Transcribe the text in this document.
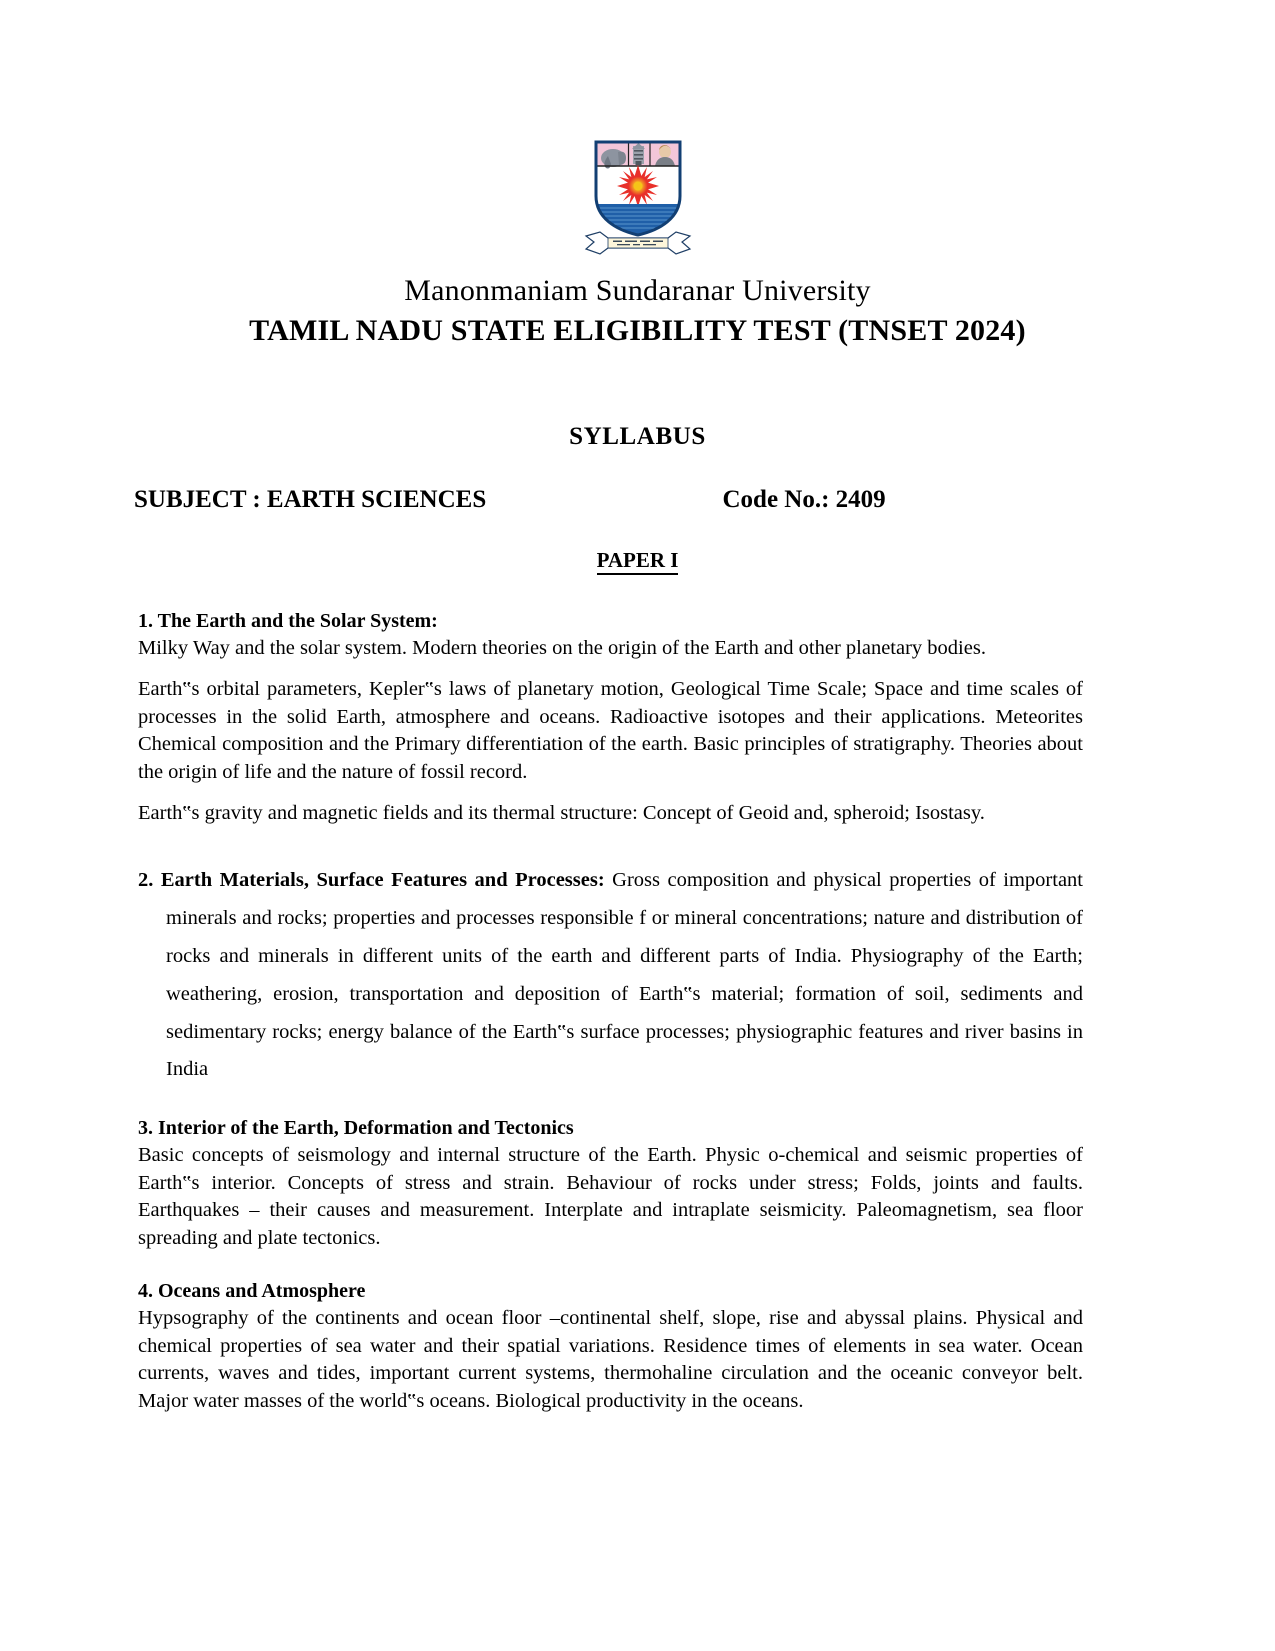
Manonmaniam Sundaranar University
TAMIL NADU STATE ELIGIBILITY TEST (TNSET 2024)
SYLLABUS
SUBJECT : EARTH SCIENCES	Code No.: 2409
PAPER I
1. The Earth and the Solar System:

Milky Way and the solar system. Modern theories on the origin of the Earth and other planetary bodies.

Earth‟s orbital parameters, Kepler‟s laws of planetary motion, Geological Time Scale; Space and time scales of processes in the solid Earth, atmosphere and oceans. Radioactive isotopes and their applications. Meteorites Chemical composition and the Primary differentiation of the earth. Basic principles of stratigraphy. Theories about the origin of life and the nature of fossil record.

Earth‟s gravity and magnetic fields and its thermal structure: Concept of Geoid and, spheroid; Isostasy.

2. Earth Materials, Surface Features and Processes: Gross composition and physical properties of important minerals and rocks; properties and processes responsible f or mineral concentrations; nature and distribution of rocks and minerals in different units of the earth and different parts of India. Physiography of the Earth; weathering, erosion, transportation and deposition of Earth‟s material; formation of soil, sediments and sedimentary rocks; energy balance of the Earth‟s surface processes; physiographic features and river basins in India

3. Interior of the Earth, Deformation and Tectonics

Basic concepts of seismology and internal structure of the Earth. Physic o-chemical and seismic properties of Earth‟s interior. Concepts of stress and strain. Behaviour of rocks under stress; Folds, joints and faults. Earthquakes – their causes and measurement. Interplate and intraplate seismicity. Paleomagnetism, sea floor spreading and plate tectonics.

4. Oceans and Atmosphere

Hypsography of the continents and ocean floor –continental shelf, slope, rise and abyssal plains. Physical and chemical properties of sea water and their spatial variations. Residence times of elements in sea water. Ocean currents, waves and tides, important current systems, thermohaline circulation and the oceanic conveyor belt. Major water masses of the world‟s oceans. Biological productivity in the oceans.
